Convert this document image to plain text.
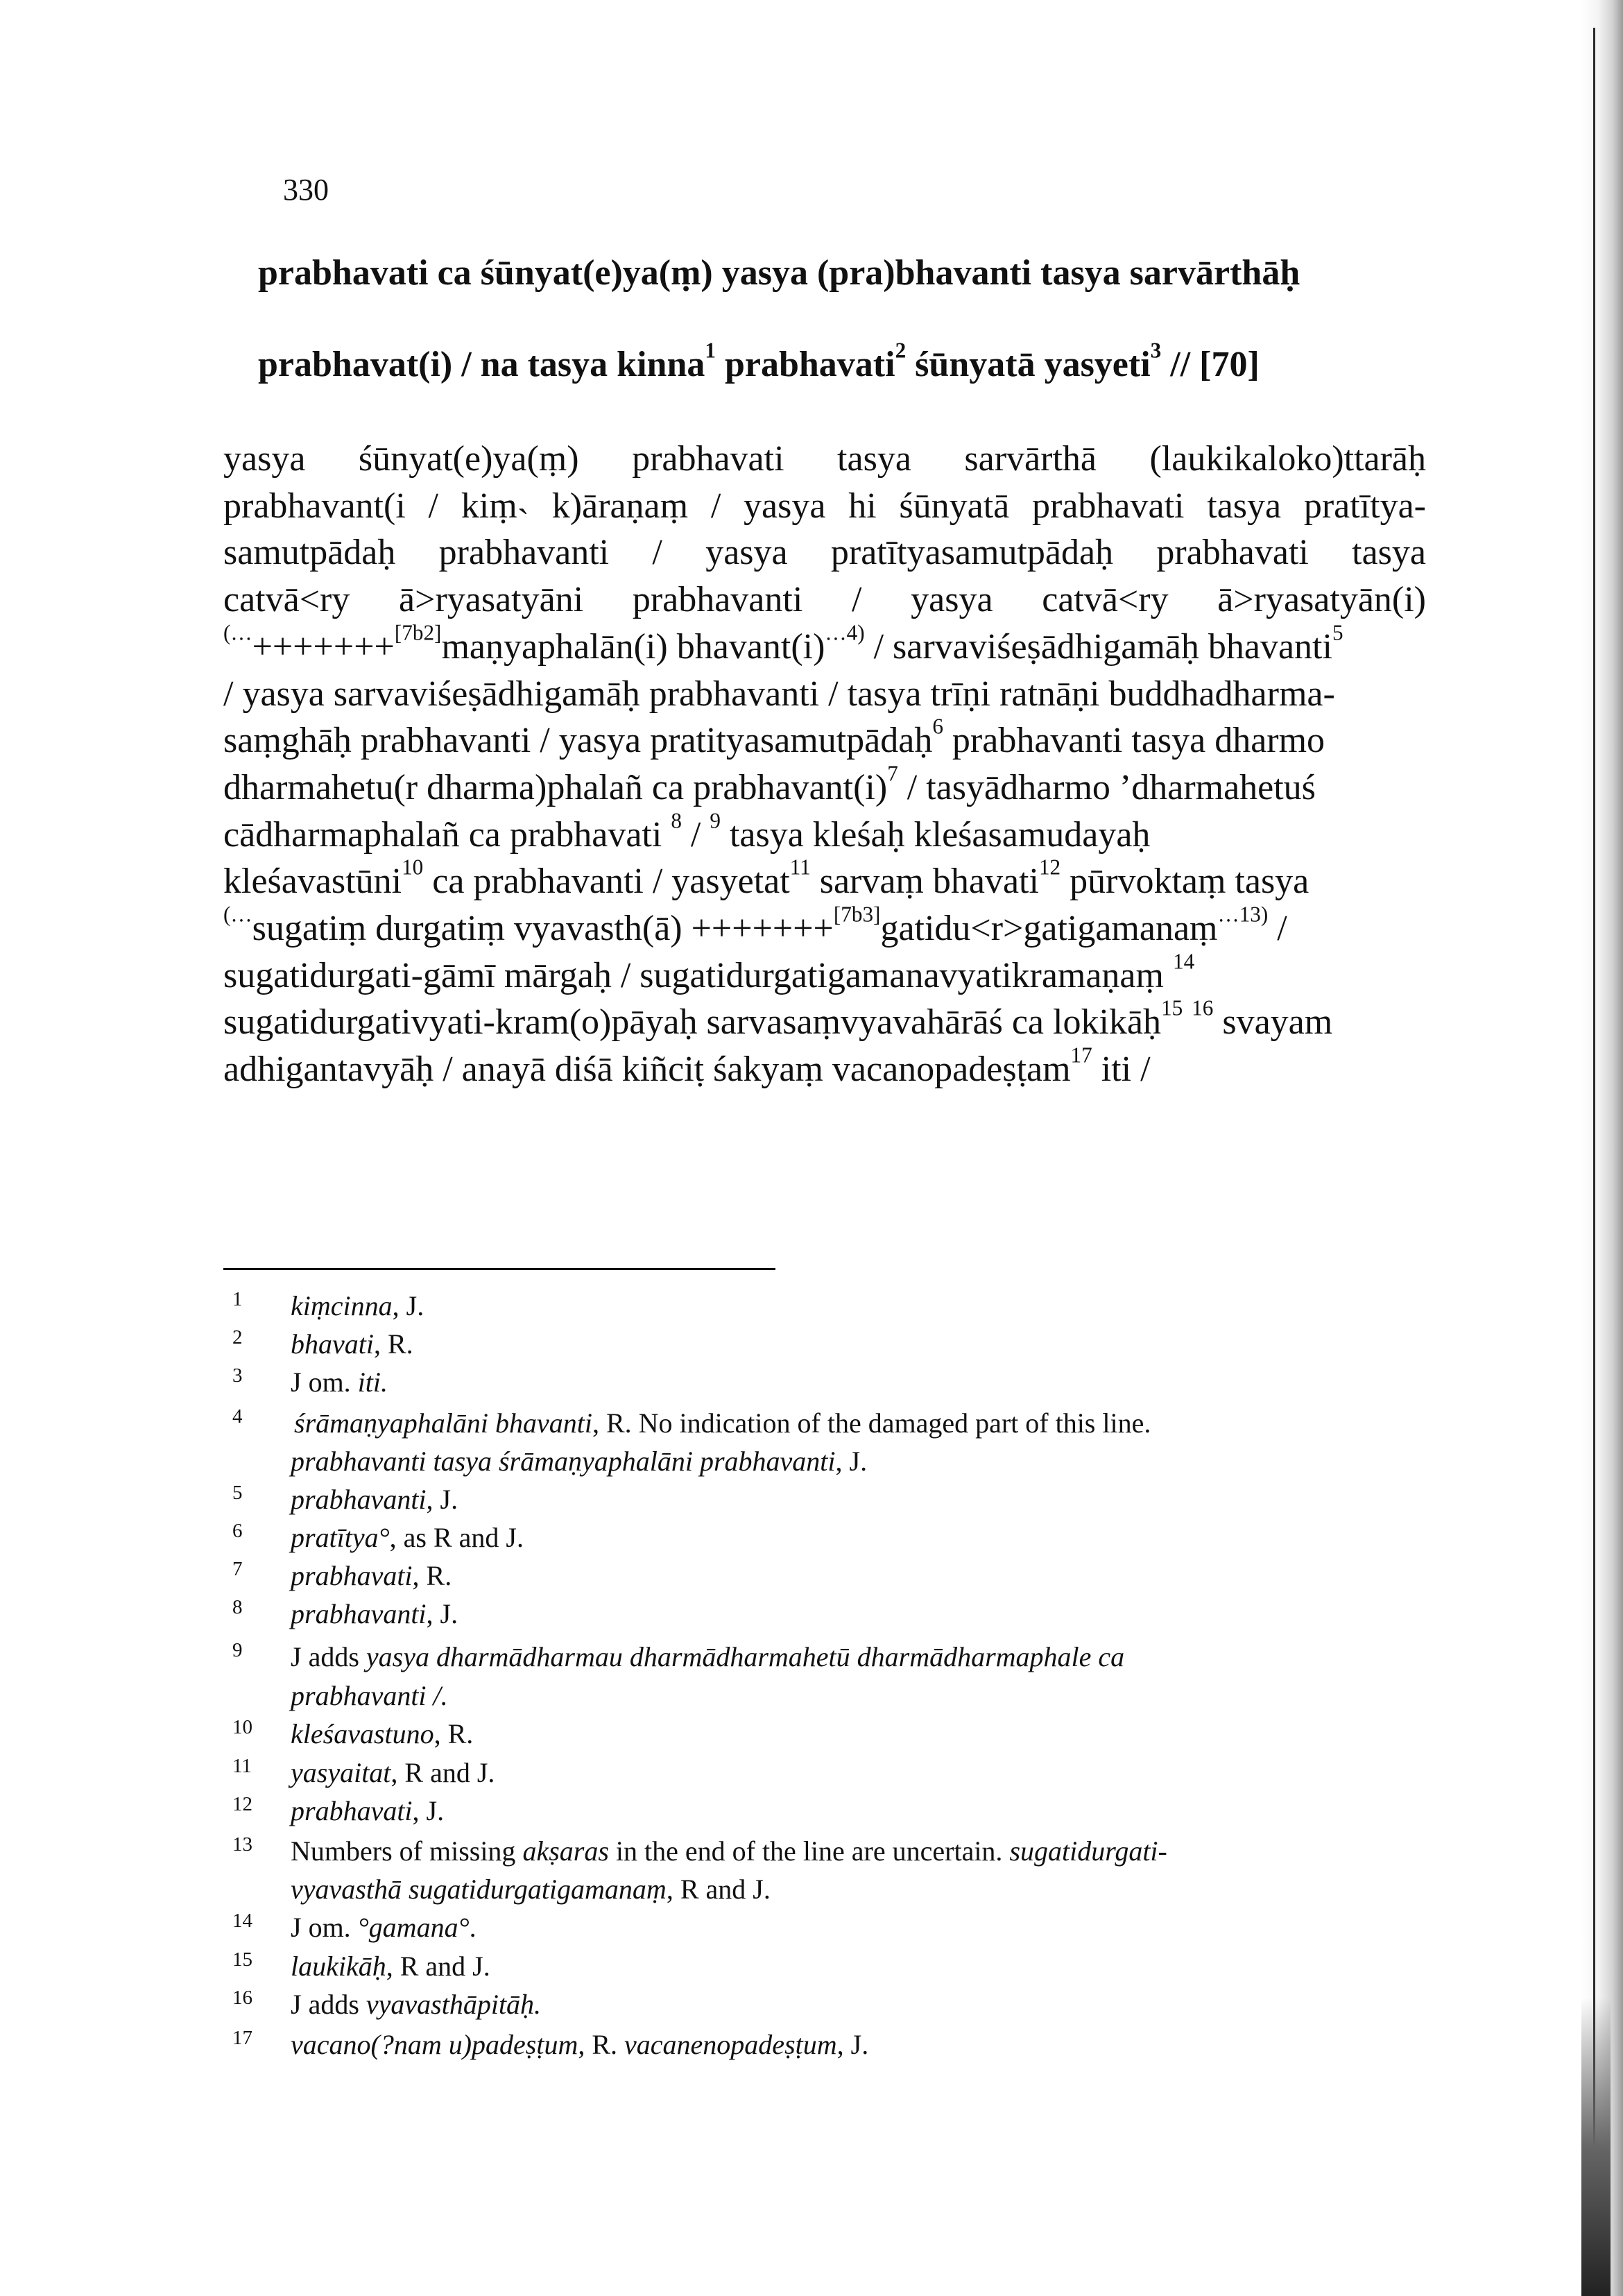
330
prabhavati ca śūnyat(e)ya(ṃ) yasya (pra)bhavanti tasya sarvārthāḥ
prabhavat(i) / na tasya kinna$^1$ prabhavati$^2$ śūnyatā yasyeti$^3$ // [70]
yasya śūnyat(e)ya(ṃ) prabhavati tasya sarvārthā (laukikaloko)ttarāḥ
prabhavant(i / kiṃ˴ k)āraṇaṃ / yasya hi śūnyatā prabhavati tasya pratītya-
samutpādaḥ prabhavanti / yasya pratītyasamutpādaḥ prabhavati tasya
catvā<ry ā>ryasatyāni prabhavanti / yasya catvā<ry ā>ryasatyān(i)
(…+++++++[7b2]maṇyaphalān(i) $bhavant(i)^{\dots 4)}$ / sarvaviśeṣādhigamāḥ bhavanti$^5$
/ yasya sarvaviśeṣādhigamāḥ prabhavanti / tasya trīṇi ratnāṇi buddhadharma-
saṃghāḥ prabhavanti / yasya pratityasamutpādaḥ$^6$ prabhavanti tasya dharmo
dharmahetu(r dharma)phalañ ca $prabhavant(i)^7$ / tasyādharmo ’dharmahetuś
cādharmaphalañ ca prabhavati $^8$ / $^9$ tasya kleśaḥ kleśasamudayaḥ
kleśavastūni$^{10}$ ca prabhavanti / yasyetat$^{11}$ sarvaṃ bhavati$^{12}$ pūrvoktaṃ tasya
(…sugatiṃ durgatiṃ vyavasth(ā) +++++++[7b3]gatidu<r>gatigamanaṃ$^{\dots 13)}$ /
sugatidurgati-gāmī mārgaḥ / sugatidurgatigamanavyatikramaṇaṃ $^{14}$
sugatidurgativyati-kram(o)pāyaḥ sarvasaṃvyavahārāś ca lokikāḥ$^{15}$ $^{16}$ svayam
adhigantavyāḥ / anayā diśā kiñciṭ śakyaṃ vacanopadeṣṭam$^{17}$ iti /
1 kiṃcinna, J.
2 bhavati, R.
3 J om. iti.
4 śrāmaṇyaphalāni bhavanti, R. No indication of the damaged part of this line.
prabhavanti tasya śrāmaṇyaphalāni prabhavanti, J.
5 prabhavanti, J.
6 pratītya°, as R and J.
7 prabhavati, R.
8 prabhavanti, J.
9 J adds yasya dharmādharmau dharmādharmahetū dharmādharmaphale ca
prabhavanti /.
10 kleśavastuno, R.
11 yasyaitat, R and J.
12 prabhavati, J.
13 Numbers of missing akṣaras in the end of the line are uncertain. sugatidurgati-
vyavasthā sugatidurgatigamanaṃ, R and J.
14 J om. °gamana°.
15 laukikāḥ, R and J.
16 J adds vyavasthāpitāḥ.
17 vacano(?nam u)padeṣṭum, R. vacanenopadeṣṭum, J.
